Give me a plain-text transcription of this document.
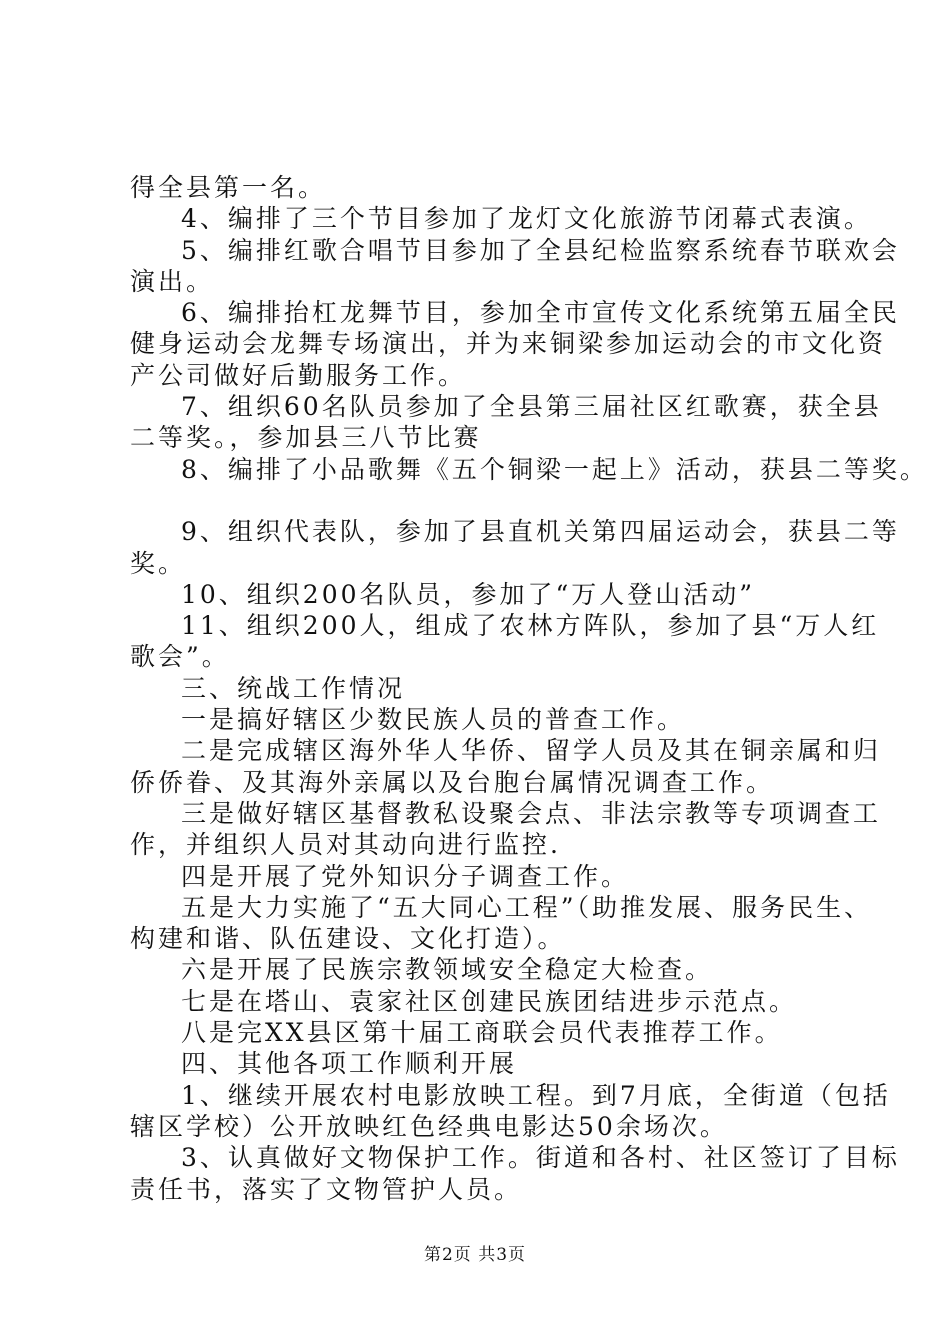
得全县第一名。
4、编排了三个节目参加了龙灯文化旅游节闭幕式表演。
5、编排红歌合唱节目参加了全县纪检监察系统春节联欢会
演出。
6、编排抬杠龙舞节目，参加全市宣传文化系统第五届全民
健身运动会龙舞专场演出，并为来铜梁参加运动会的市文化资
产公司做好后勤服务工作。
7、组织60名队员参加了全县第三届社区红歌赛，获全县
二等奖。，参加县三八节比赛
8、编排了小品歌舞《五个铜梁一起上》活动，获县二等奖。
9、组织代表队，参加了县直机关第四届运动会，获县二等
奖。
10、组织200名队员，参加了“万人登山活动”
11、组织200人，组成了农林方阵队，参加了县“万人红
歌会”。
三、统战工作情况
一是搞好辖区少数民族人员的普查工作。
二是完成辖区海外华人华侨、留学人员及其在铜亲属和归
侨侨眷、及其海外亲属以及台胞台属情况调查工作。
三是做好辖区基督教私设聚会点、非法宗教等专项调查工
作，并组织人员对其动向进行监控.
四是开展了党外知识分子调查工作。
五是大力实施了“五大同心工程”（助推发展、服务民生、
构建和谐、队伍建设、文化打造）。
六是开展了民族宗教领域安全稳定大检查。
七是在塔山、袁家社区创建民族团结进步示范点。
八是完XX县区第十届工商联会员代表推荐工作。
四、其他各项工作顺利开展
1、继续开展农村电影放映工程。到7月底，全街道（包括
辖区学校）公开放映红色经典电影达50余场次。
3、认真做好文物保护工作。街道和各村、社区签订了目标
责任书，落实了文物管护人员。
第2页 共3页
